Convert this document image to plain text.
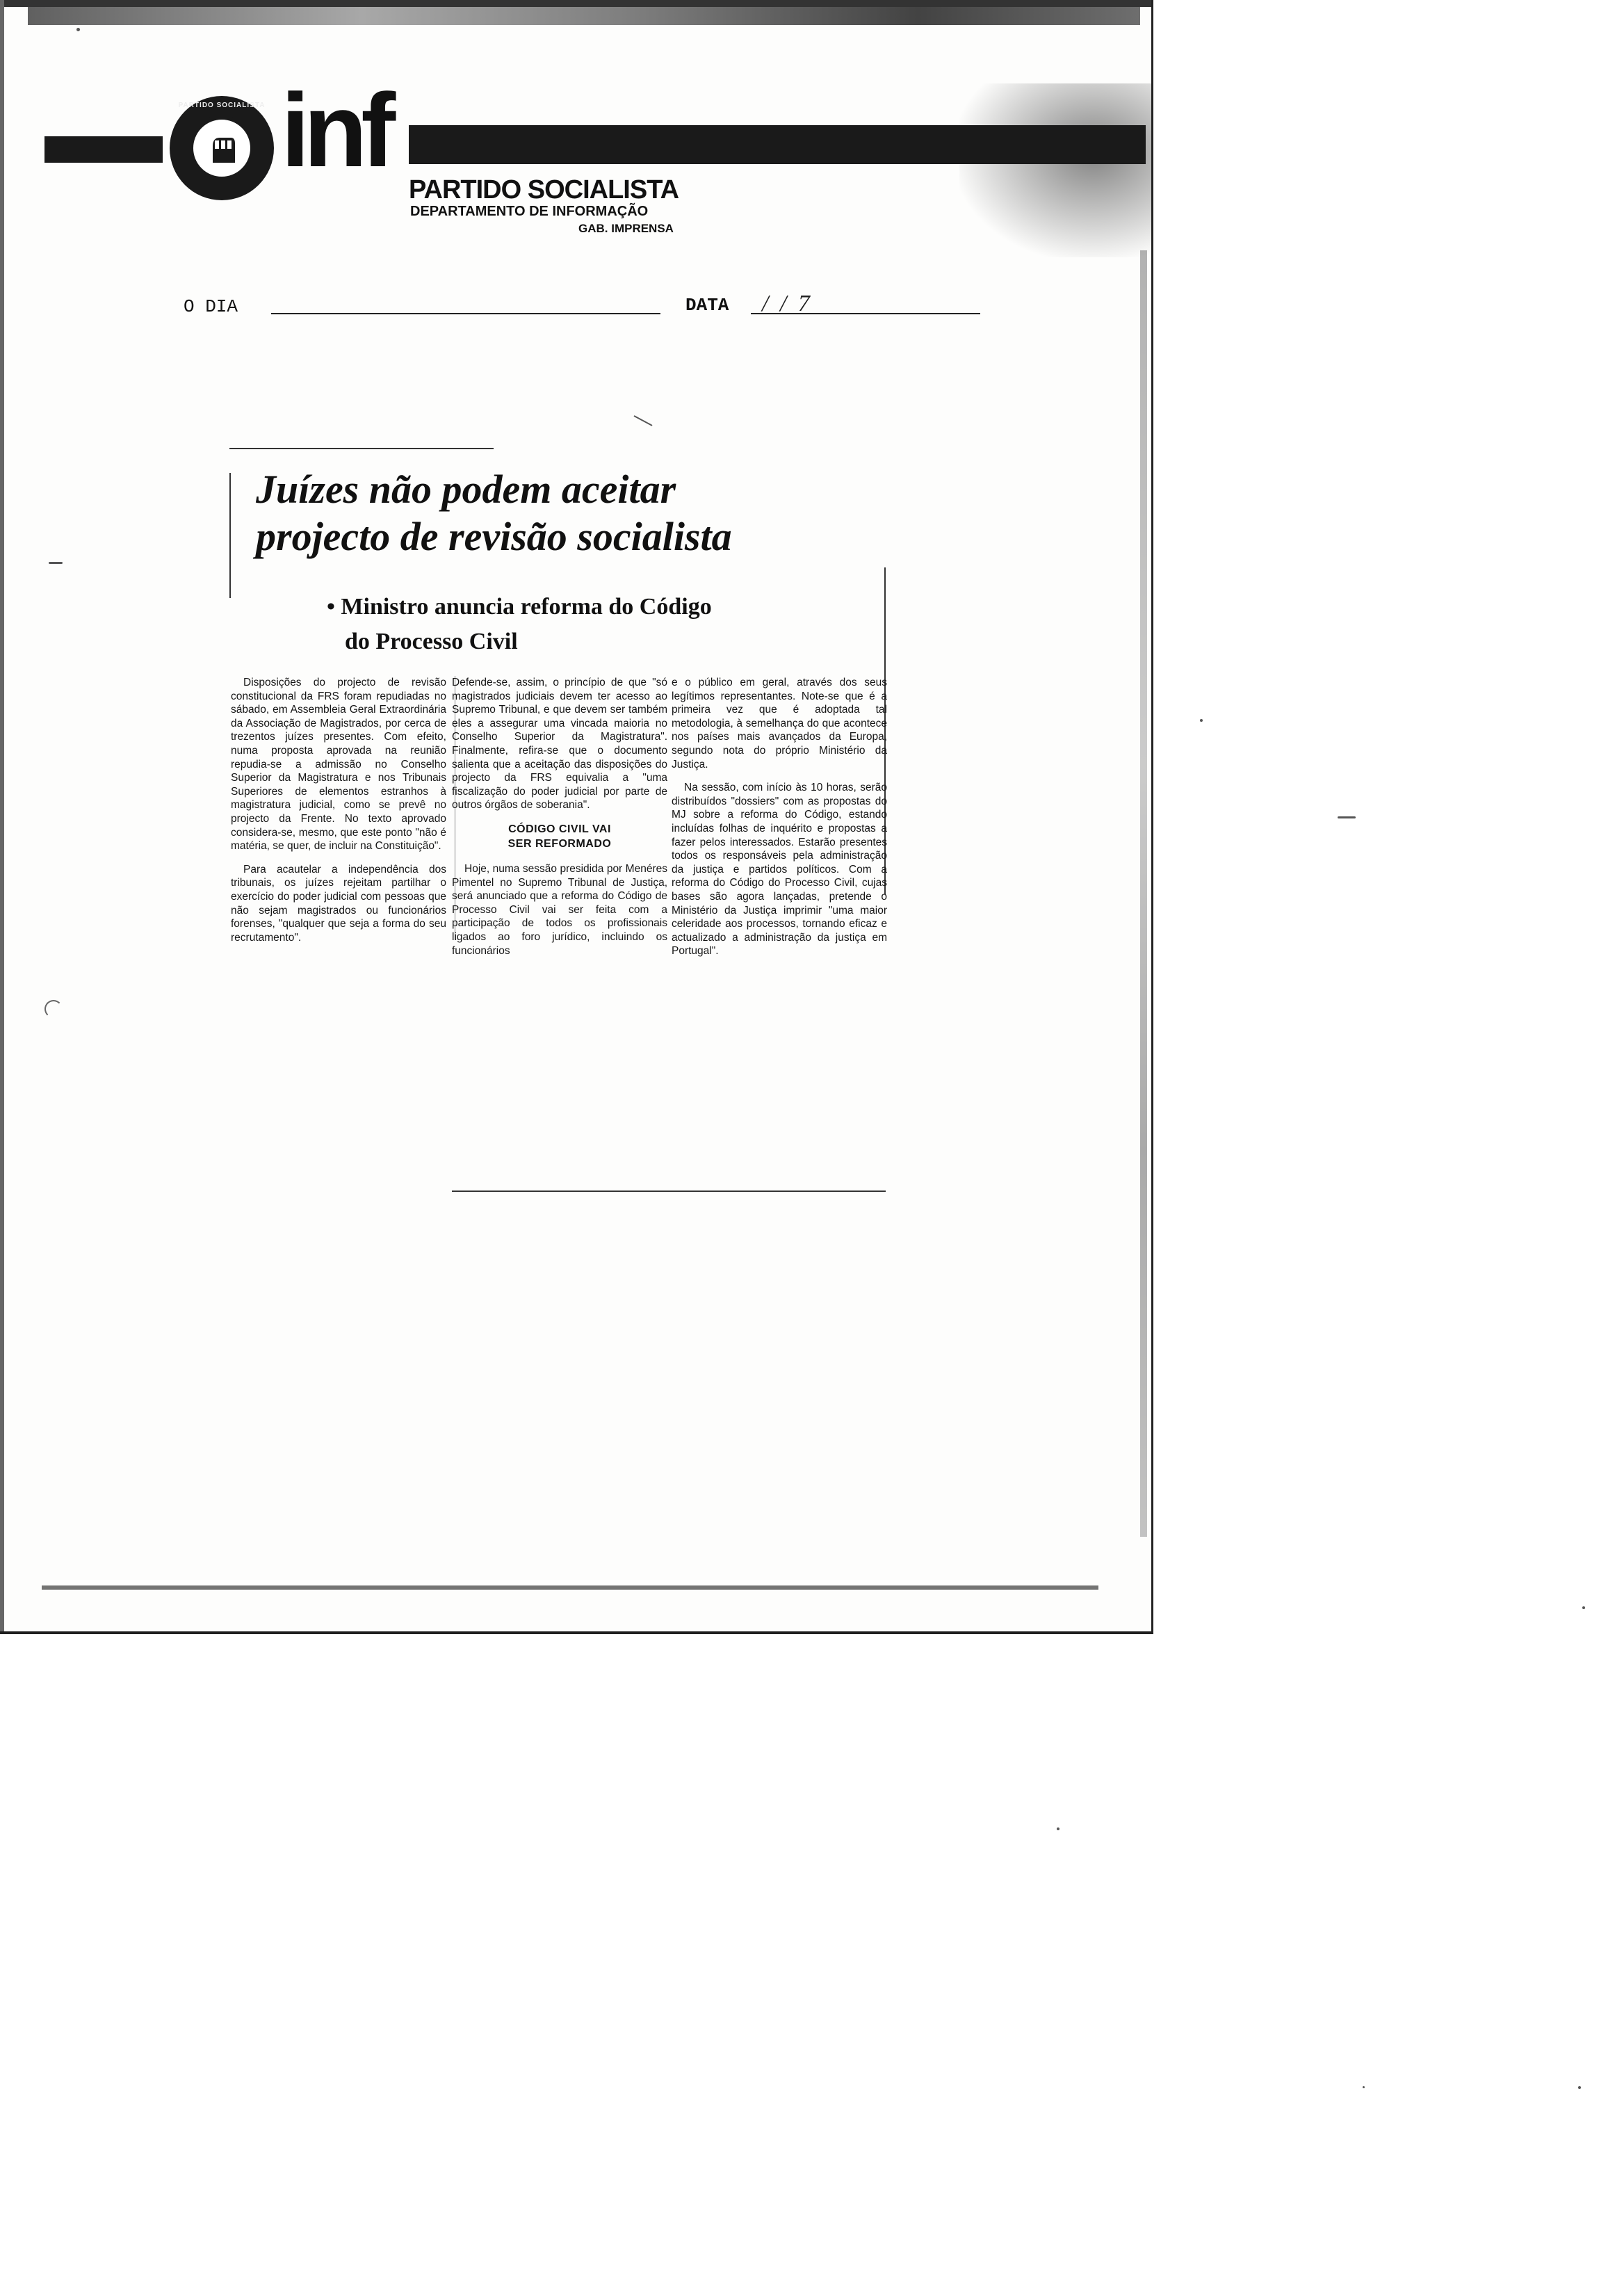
PARTIDO SOCIALISTA inf
PARTIDO SOCIALISTA
DEPARTAMENTO DE INFORMAÇÃO
GAB. IMPRENSA
O DIA	DATA / / 7
Juízes não podem aceitar
projecto de revisão socialista
• Ministro anuncia reforma do Código
do Processo Civil

Disposições do projecto de revisão constitucional da FRS foram repudiadas no sábado, em Assembleia Geral Extraordinária da Associação de Magistrados, por cerca de trezentos juízes presentes. Com efeito, numa proposta aprovada na reunião repudia-se a admissão no Conselho Superior da Magistratura e nos Tribunais Superiores de elementos estranhos à magistratura judicial, como se prevê no projecto da Frente. No texto aprovado considera-se, mesmo, que este ponto "não é matéria, se quer, de incluir na Constituição".

Para acautelar a independência dos tribunais, os juízes rejeitam partilhar o exercício do poder judicial com pessoas que não sejam magistrados ou funcionários forenses, "qualquer que seja a forma do seu recrutamento".

Defende-se, assim, o princípio de que "só magistrados judiciais devem ter acesso ao Supremo Tribunal, e que devem ser também eles a assegurar uma vincada maioria no Conselho Superior da Magistratura". Finalmente, refira-se que o documento salienta que a aceitação das disposições do projecto da FRS equivalia a "uma fiscalização do poder judicial por parte de outros órgãos de soberania".

CÓDIGO CIVIL VAI
SER REFORMADO

Hoje, numa sessão presidida por Menéres Pimentel no Supremo Tribunal de Justiça, será anunciado que a reforma do Código de Processo Civil vai ser feita com a participação de todos os profissionais ligados ao foro jurídico, incluindo os funcionários

e o público em geral, através dos seus legítimos representantes. Note-se que é a primeira vez que é adoptada tal metodologia, à semelhança do que acontece nos países mais avançados da Europa, segundo nota do próprio Ministério da Justiça.

Na sessão, com início às 10 horas, serão distribuídos "dossiers" com as propostas do MJ sobre a reforma do Código, estando incluídas folhas de inquérito e propostas a fazer pelos interessados. Estarão presentes todos os responsáveis pela administração da justiça e partidos políticos. Com a reforma do Código do Processo Civil, cujas bases são agora lançadas, pretende o Ministério da Justiça imprimir "uma maior celeridade aos processos, tornando eficaz e actualizado a administração da justiça em Portugal".
